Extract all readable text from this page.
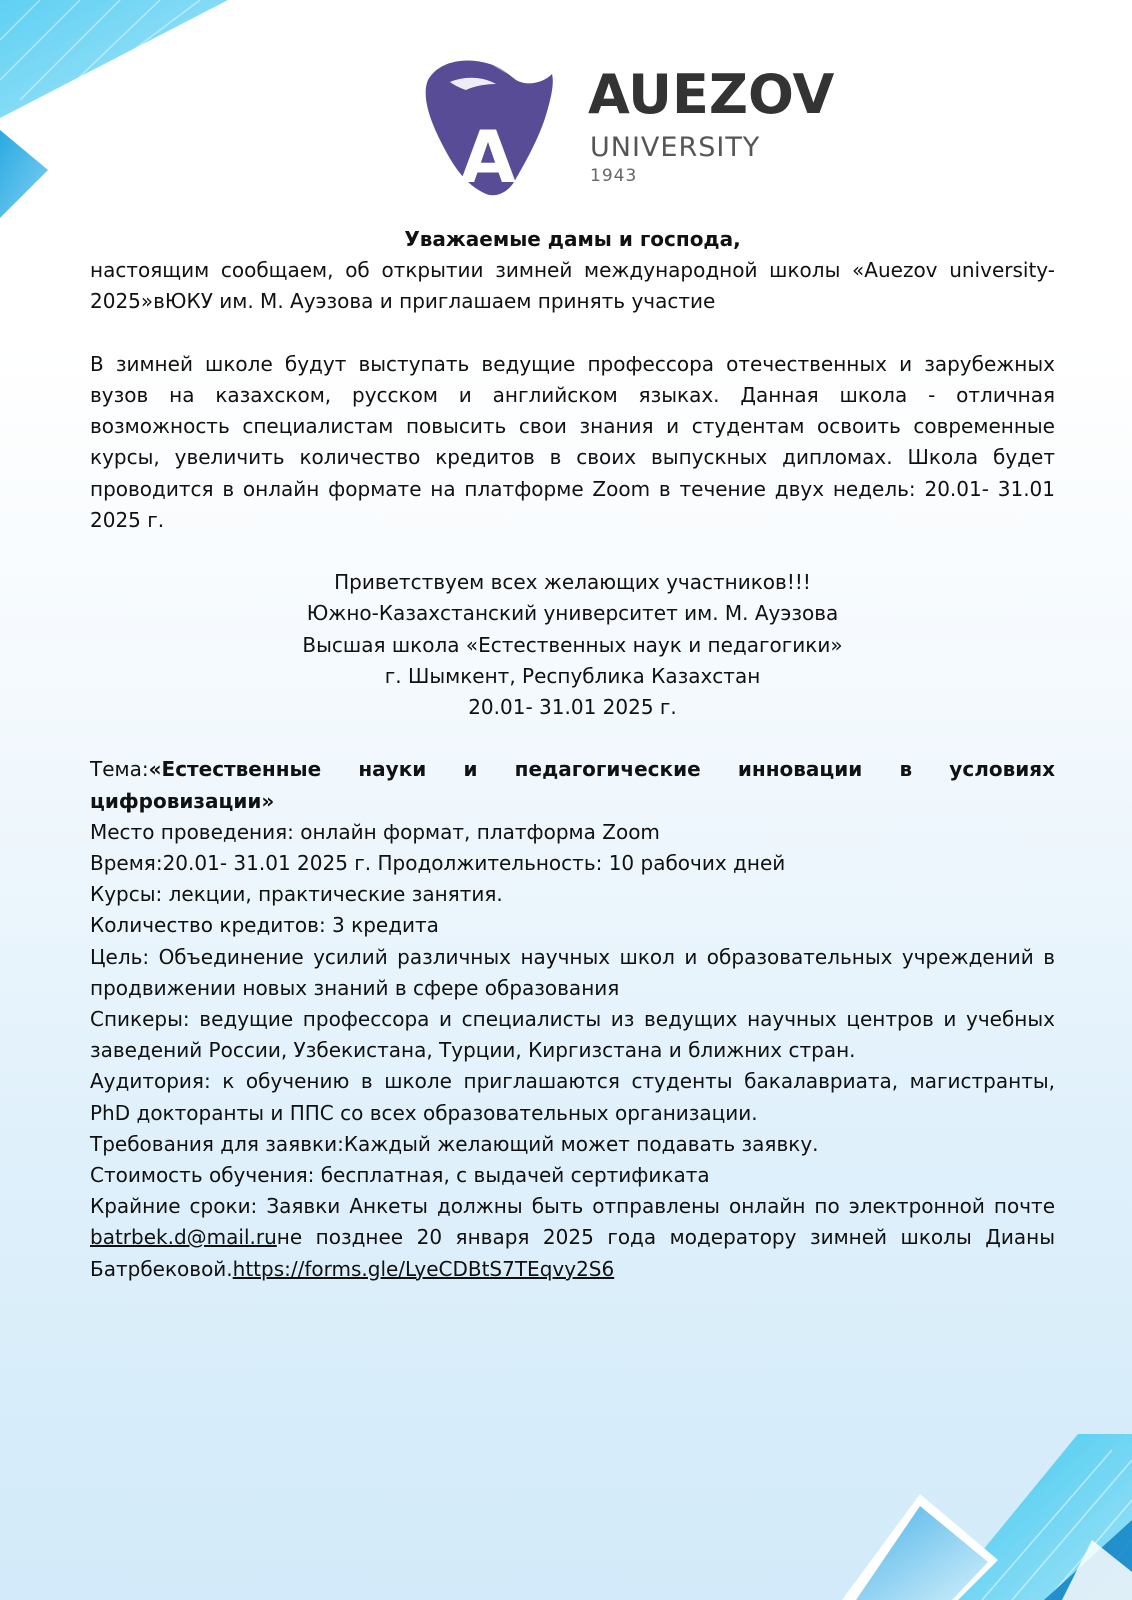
A
AUEZOV
UNIVERSITY
1943

Уважаемые дамы и господа,

настоящим сообщаем, об открытии зимней международной школы «Auezov university-2025»вЮКУ им. М. Ауэзова и приглашаем принять участие

В зимней школе будут выступать ведущие профессора отечественных и зарубежных вузов на казахском, русском и английском языках. Данная школа - отличная возможность специалистам повысить свои знания и студентам освоить современные курсы, увеличить количество кредитов в своих выпускных дипломах. Школа будет проводится в онлайн формате на платформе Zoom в течение двух недель: 20.01- 31.01 2025 г.

Приветствуем всех желающих участников!!!

Южно-Казахстанский университет им. М. Ауэзова

Высшая школа «Естественных наук и педагогики»

г. Шымкент, Республика Казахстан

20.01- 31.01 2025 г.

Тема:«Естественные науки и педагогические инновации в условиях цифровизации»

Место проведения: онлайн формат, платформа Zoom

Время:20.01- 31.01 2025 г. Продолжительность: 10 рабочих дней

Курсы: лекции, практические занятия.

Количество кредитов: 3 кредита

Цель: Объединение усилий различных научных школ и образовательных учреждений в продвижении новых знаний в сфере образования

Спикеры: ведущие профессора и специалисты из ведущих научных центров и учебных заведений России, Узбекистана, Турции, Киргизстана и ближних стран.

Аудитория: к обучению в школе приглашаются студенты бакалавриата, магистранты, PhD докторанты и ППС со всех образовательных организации.

Требования для заявки:Каждый желающий может подавать заявку.

Стоимость обучения: бесплатная, с выдачей сертификата

Крайние сроки: Заявки Анкеты должны быть отправлены онлайн по электронной почте batrbek.d@mail.ruне позднее 20 января 2025 года модератору зимней школы Дианы Батрбековой.https://forms.gle/LyeCDBtS7TEqvy2S6
